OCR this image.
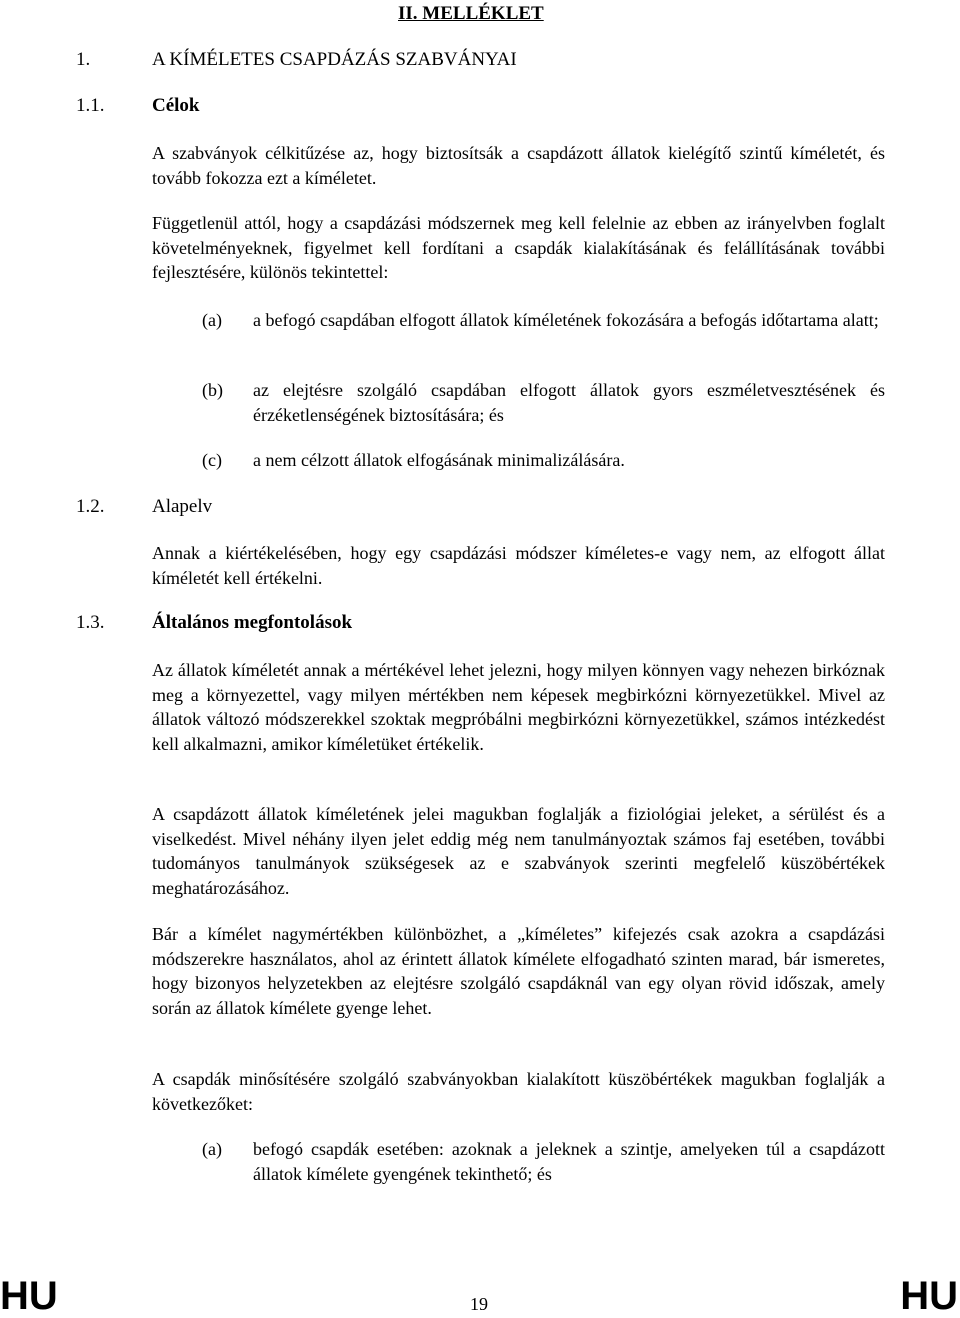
II. MELLÉKLET
1.	A KÍMÉLETES CSAPDÁZÁS SZABVÁNYAI
1.1.	Célok

A szabványok célkitűzése az, hogy biztosítsák a csapdázott állatok kielégítő szintű kíméletét, és tovább fokozza ezt a kíméletet.

Függetlenül attól, hogy a csapdázási módszernek meg kell felelnie az ebben az irányelvben foglalt követelményeknek, figyelmet kell fordítani a csapdák kialakításának és felállításának további fejlesztésére, különös tekintettel:

(a) a befogó csapdában elfogott állatok kíméletének fokozására a befogás időtartama alatt;

(b) az elejtésre szolgáló csapdában elfogott állatok gyors eszméletvesztésének és érzéketlenségének biztosítására; és

(c) a nem célzott állatok elfogásának minimalizálására.

1.2.	Alapelv

Annak a kiértékelésében, hogy egy csapdázási módszer kíméletes-e vagy nem, az elfogott állat kíméletét kell értékelni.

1.3.	Általános megfontolások

Az állatok kíméletét annak a mértékével lehet jelezni, hogy milyen könnyen vagy nehezen birkóznak meg a környezettel, vagy milyen mértékben nem képesek megbirkózni környezetükkel. Mivel az állatok változó módszerekkel szoktak megpróbálni megbirkózni környezetükkel, számos intézkedést kell alkalmazni, amikor kíméletüket értékelik.

A csapdázott állatok kíméletének jelei magukban foglalják a fiziológiai jeleket, a sérülést és a viselkedést. Mivel néhány ilyen jelet eddig még nem tanulmányoztak számos faj esetében, további tudományos tanulmányok szükségesek az e szabványok szerinti megfelelő küszöbértékek meghatározásához.

Bár a kímélet nagymértékben különbözhet, a „kíméletes” kifejezés csak azokra a csapdázási módszerekre használatos, ahol az érintett állatok kímélete elfogadható szinten marad, bár ismeretes, hogy bizonyos helyzetekben az elejtésre szolgáló csapdáknál van egy olyan rövid időszak, amely során az állatok kímélete gyenge lehet.

A csapdák minősítésére szolgáló szabványokban kialakított küszöbértékek magukban foglalják a következőket:

(a) befogó csapdák esetében: azoknak a jeleknek a szintje, amelyeken túl a csapdázott állatok kímélete gyengének tekinthető; és

HU	19	HU
